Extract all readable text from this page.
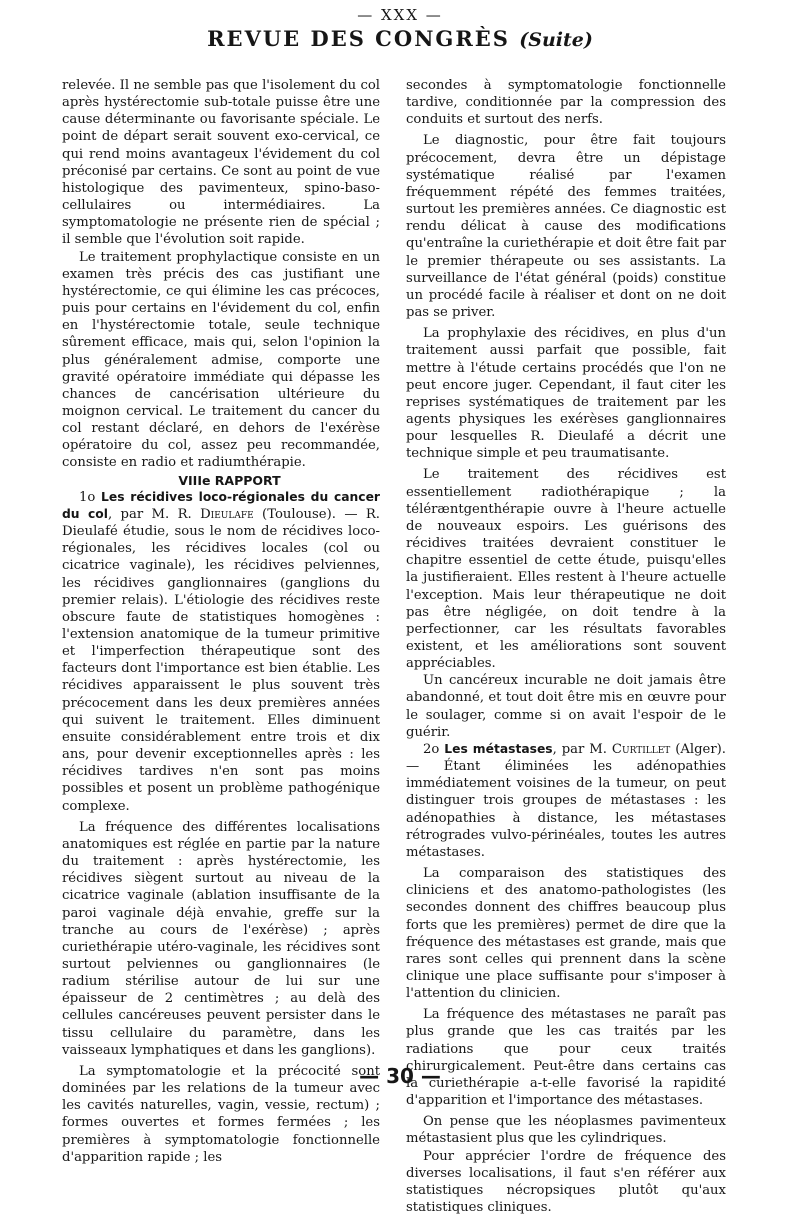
— XXX —
REVUE DES CONGRÈS (Suite)

relevée. Il ne semble pas que l'isolement du col après hystérectomie sub-totale puisse être une cause déterminante ou favorisante spéciale. Le point de départ serait souvent exo-cervical, ce qui rend moins avantageux l'évidement du col préconisé par certains. Ce sont au point de vue histologique des pavimenteux, spino-baso-cellulaires ou intermédiaires. La symptomatologie ne présente rien de spécial ; il semble que l'évolution soit rapide.

Le traitement prophylactique consiste en un examen très précis des cas justifiant une hystérectomie, ce qui élimine les cas précoces, puis pour certains en l'évidement du col, enfin en l'hystérectomie totale, seule technique sûrement efficace, mais qui, selon l'opinion la plus généralement admise, comporte une gravité opératoire immédiate qui dépasse les chances de cancérisation ultérieure du moignon cervical. Le traitement du cancer du col restant déclaré, en dehors de l'exérèse opératoire du col, assez peu recommandée, consiste en radio et radiumthérapie.

VIIIe RAPPORT

1o Les récidives loco-régionales du cancer du col, par M. R. Dieulafe (Toulouse). — R. Dieulafé étudie, sous le nom de récidives loco-régionales, les récidives locales (col ou cicatrice vaginale), les récidives pelviennes, les récidives ganglionnaires (ganglions du premier relais). L'étiologie des récidives reste obscure faute de statistiques homogènes : l'extension anatomique de la tumeur primitive et l'imperfection thérapeutique sont des facteurs dont l'importance est bien établie. Les récidives apparaissent le plus souvent très précocement dans les deux premières années qui suivent le traitement. Elles diminuent ensuite considérablement entre trois et dix ans, pour devenir exceptionnelles après : les récidives tardives n'en sont pas moins possibles et posent un problème pathogénique complexe.

La fréquence des différentes localisations anatomiques est réglée en partie par la nature du traitement : après hystérectomie, les récidives siègent surtout au niveau de la cicatrice vaginale (ablation insuffisante de la paroi vaginale déjà envahie, greffe sur la tranche au cours de l'exérèse) ; après curiethérapie utéro-vaginale, les récidives sont surtout pelviennes ou ganglionnaires (le radium stérilise autour de lui sur une épaisseur de 2 centimètres ; au delà des cellules cancéreuses peuvent persister dans le tissu cellulaire du paramètre, dans les vaisseaux lymphatiques et dans les ganglions).

La symptomatologie et la précocité sont dominées par les relations de la tumeur avec les cavités naturelles, vagin, vessie, rectum) ; formes ouvertes et formes fermées ; les premières à symptomatologie fonctionnelle d'apparition rapide ; les

secondes à symptomatologie fonctionnelle tardive, conditionnée par la compression des conduits et surtout des nerfs.

Le diagnostic, pour être fait toujours précocement, devra être un dépistage systématique réalisé par l'examen fréquemment répété des femmes traitées, surtout les premières années. Ce diagnostic est rendu délicat à cause des modifications qu'entraîne la curiethérapie et doit être fait par le premier thérapeute ou ses assistants. La surveillance de l'état général (poids) constitue un procédé facile à réaliser et dont on ne doit pas se priver.

La prophylaxie des récidives, en plus d'un traitement aussi parfait que possible, fait mettre à l'étude certains procédés que l'on ne peut encore juger. Cependant, il faut citer les reprises systématiques de traitement par les agents physiques les exérèses ganglionnaires pour lesquelles R. Dieulafé a décrit une technique simple et peu traumatisante.

Le traitement des récidives est essentiellement radiothérapique ; la téléræntgenthérapie ouvre à l'heure actuelle de nouveaux espoirs. Les guérisons des récidives traitées devraient constituer le chapitre essentiel de cette étude, puisqu'elles la justifieraient. Elles restent à l'heure actuelle l'exception. Mais leur thérapeutique ne doit pas être négligée, on doit tendre à la perfectionner, car les résultats favorables existent, et les améliorations sont souvent appréciables.

Un cancéreux incurable ne doit jamais être abandonné, et tout doit être mis en œuvre pour le soulager, comme si on avait l'espoir de le guérir.

2o Les métastases, par M. Curtillet (Alger). — Étant éliminées les adénopathies immédiatement voisines de la tumeur, on peut distinguer trois groupes de métastases : les adénopathies à distance, les métastases rétrogrades vulvo-périnéales, toutes les autres métastases.

La comparaison des statistiques des cliniciens et des anatomo-pathologistes (les secondes donnent des chiffres beaucoup plus forts que les premières) permet de dire que la fréquence des métastases est grande, mais que rares sont celles qui prennent dans la scène clinique une place suffisante pour s'imposer à l'attention du clinicien.

La fréquence des métastases ne paraît pas plus grande que les cas traités par les radiations que pour ceux traités chirurgicalement. Peut-être dans certains cas la curiethérapie a-t-elle favorisé la rapidité d'apparition et l'importance des métastases.

On pense que les néoplasmes pavimenteux métastasient plus que les cylindriques.

Pour apprécier l'ordre de fréquence des diverses localisations, il faut s'en référer aux statistiques nécropsiques plutôt qu'aux statistiques cliniques.

— 30 —
